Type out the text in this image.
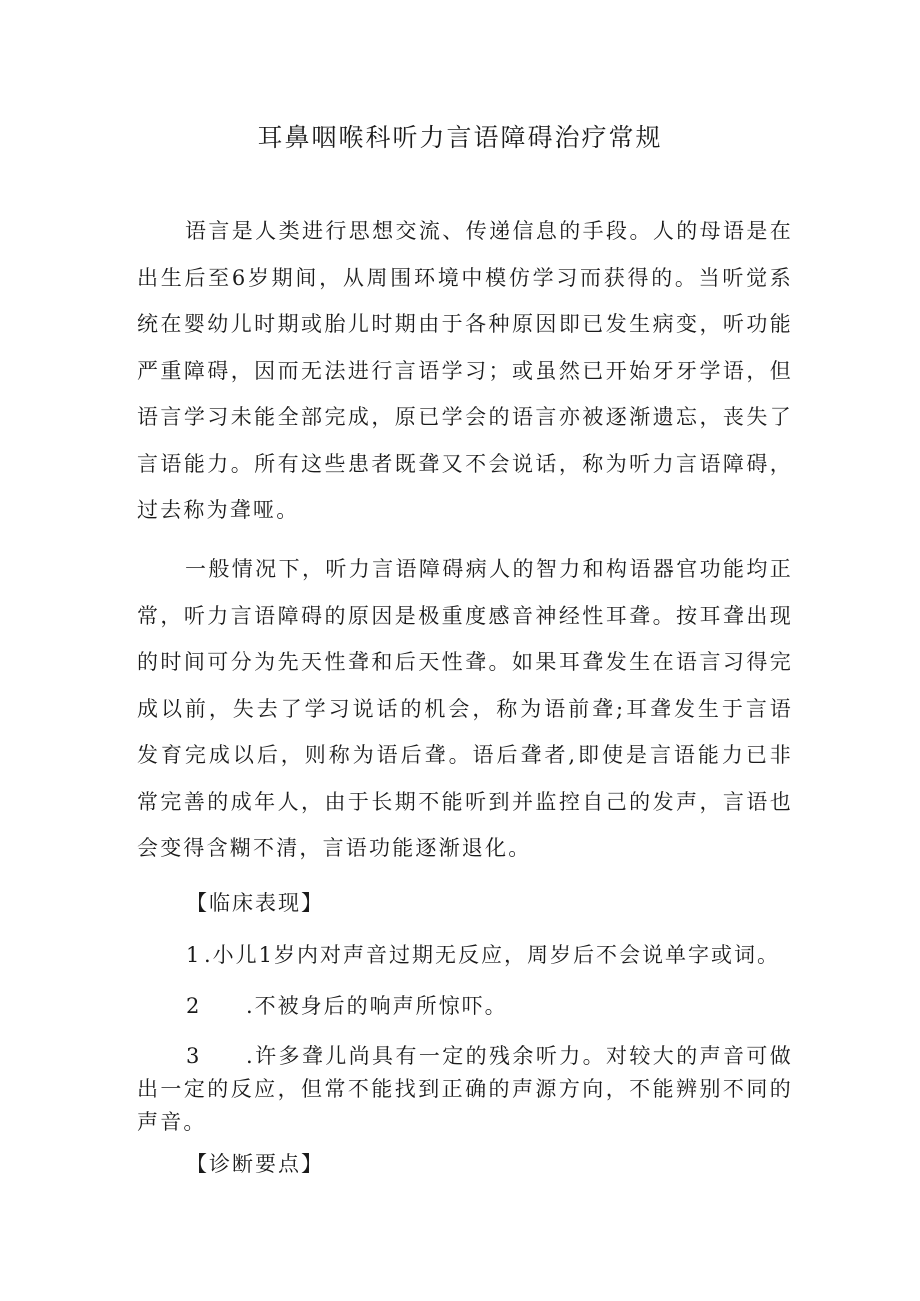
耳鼻咽喉科听力言语障碍治疗常规

语言是人类进行思想交流、传递信息的手段。人的母语是在出生后至6岁期间，从周围环境中模仿学习而获得的。当听觉系统在婴幼儿时期或胎儿时期由于各种原因即已发生病变，听功能严重障碍，因而无法进行言语学习；或虽然已开始牙牙学语，但语言学习未能全部完成，原已学会的语言亦被逐渐遗忘，丧失了言语能力。所有这些患者既聋又不会说话，称为听力言语障碍，过去称为聋哑。

一般情况下，听力言语障碍病人的智力和构语器官功能均正常，听力言语障碍的原因是极重度感音神经性耳聋。按耳聋出现的时间可分为先天性聋和后天性聋。如果耳聋发生在语言习得完成以前，失去了学习说话的机会，称为语前聋;耳聋发生于言语发育完成以后，则称为语后聋。语后聋者,即使是言语能力已非常完善的成年人，由于长期不能听到并监控自己的发声，言语也会变得含糊不清，言语功能逐渐退化。

【临床表现】
1 .小儿1岁内对声音过期无反应，周岁后不会说单字或词。
2 .不被身后的响声所惊吓。

3 .许多聋儿尚具有一定的残余听力。对较大的声音可做出一定的反应，但常不能找到正确的声源方向，不能辨别不同的声音。

【诊断要点】
